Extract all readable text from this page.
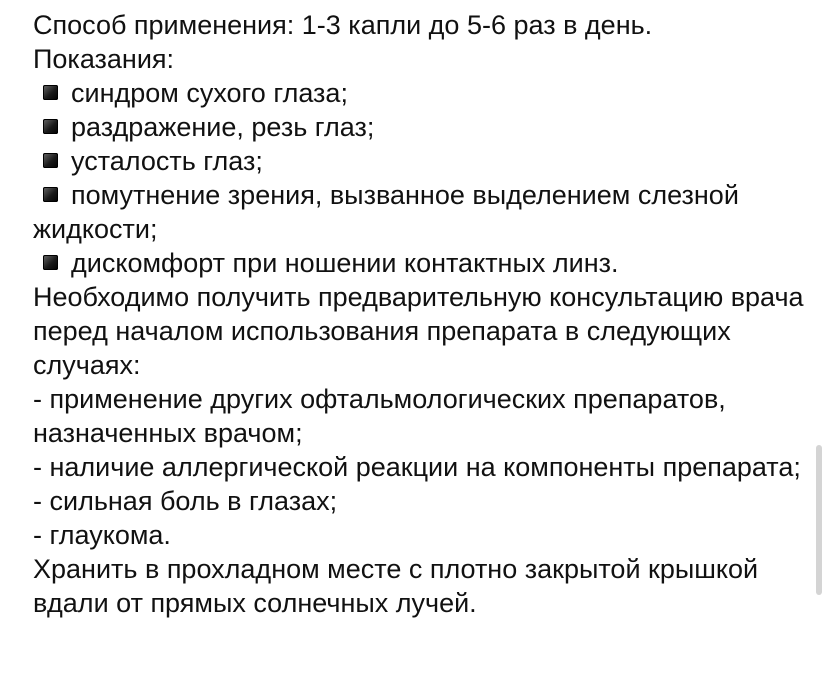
Способ применения: 1-3 капли до 5-6 раз в день.
Показания:
синдром сухого глаза;
раздражение, резь глаз;
усталость глаз;
помутнение зрения, вызванное выделением слезной жидкости;
дискомфорт при ношении контактных линз.

Необходимо получить предварительную консультацию врача перед началом использования препарата в следующих случаях:

- применение других офтальмологических препаратов, назначенных врачом;

- наличие аллергической реакции на компоненты препарата;

- сильная боль в глазах;

- глаукома.

Хранить в прохладном месте с плотно закрытой крышкой вдали от прямых солнечных лучей.
